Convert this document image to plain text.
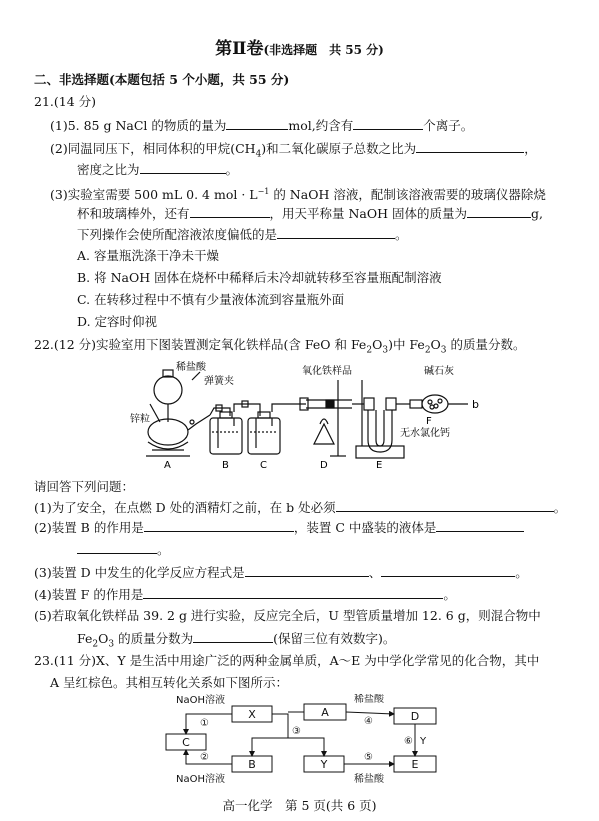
第Ⅱ卷(非选择题　共 55 分)
二、非选择题(本题包括 5 个小题，共 55 分)
21.(14 分)
(1)5. 85 g NaCl 的物质的量为	mol,约含有	个离子。
(2)同温同压下，相同体积的甲烷$(CH_4)$和二氧化碳原子总数之比为	，
密度之比为	。
(3)实验室需要 500 mL 0. 4 mol · $L^{-1}$ 的 NaOH 溶液，配制该溶液需要的玻璃仪器除烧
杯和玻璃棒外，还有	，用天平称量 NaOH 固体的质量为	g,
下列操作会使所配溶液浓度偏低的是	。
A. 容量瓶洗涤干净未干燥
B. 将 NaOH 固体在烧杯中稀释后未冷却就转移至容量瓶配制溶液
C. 在转移过程中不慎有少量液体流到容量瓶外面
D. 定容时仰视
22.(12 分)实验室用下图装置测定氧化铁样品(含 FeO 和 $Fe_2O_3$)中 $Fe_2O_3$ 的质量分数。
稀盐酸
弹簧夹
锌粒
氧化铁样品	碱石灰
b
F
无水氯化钙
A	B	C	D	E
请回答下列问题：
(1)为了安全，在点燃 D 处的酒精灯之前，在 b 处必须	。
(2)装置 B 的作用是	，装置 C 中盛装的液体是
。
(3)装置 D 中发生的化学反应方程式是	、	。
(4)装置 F 的作用是	。
(5)若取氧化铁样品 39. 2 g 进行实验，反应完全后，U 型管质量增加 12. 6 g，则混合物中
$Fe_2O_3$ 的质量分数为	(保留三位有效数字)。
23.(11 分)X、Y 是生活中用途广泛的两种金属单质，A～E 为中学化学常见的化合物，其中
A 呈红棕色。其相互转化关系如下图所示：
NaOH溶液
①
NaOH溶液
②
③
稀盐酸
④
稀盐酸
⑤
⑥ Y
X	A	D
C
B	Y	E
高一化学　第 5 页(共 6 页)
